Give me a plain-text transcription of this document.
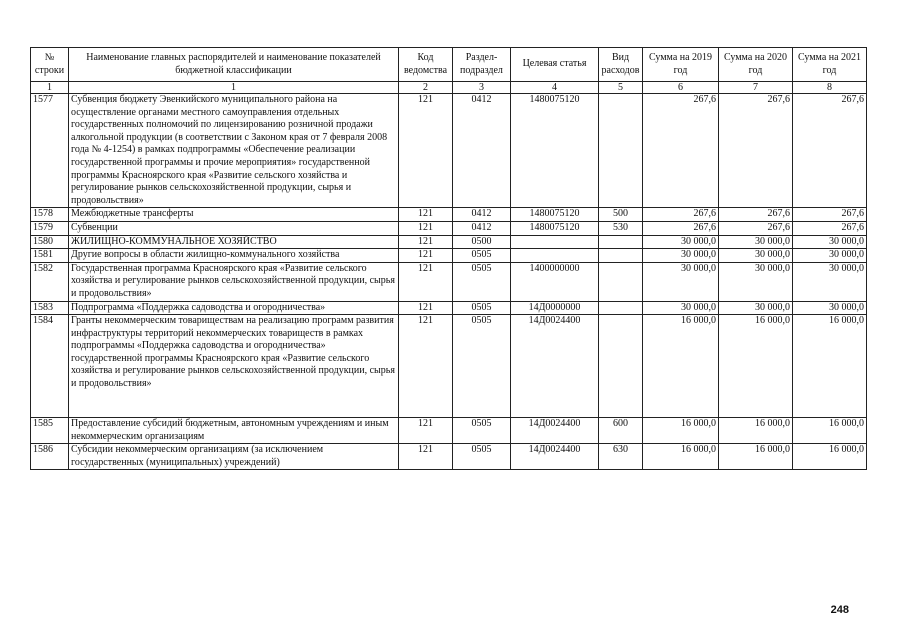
№ строки	Наименование главных распорядителей и наименование показателей бюджетной классификации	Код ведомства	Раздел-подраздел	Целевая статья	Вид расходов	Сумма на 2019 год	Сумма на 2020 год	Сумма на 2021 год
1	1	2	3	4	5	6	7	8
1577	Субвенция бюджету Эвенкийского муниципального района на осуществление органами местного самоуправления отдельных государственных полномочий по лицензированию розничной продажи алкогольной продукции (в соответствии с Законом края от 7 февраля 2008 года № 4-1254) в рамках подпрограммы «Обеспечение реализации государственной программы и прочие мероприятия» государственной программы Красноярского края «Развитие сельского хозяйства и регулирование рынков сельскохозяйственной продукции, сырья и продовольствия»	121	0412	1480075120		267,6	267,6	267,6
1578	Межбюджетные трансферты	121	0412	1480075120	500	267,6	267,6	267,6
1579	Субвенции	121	0412	1480075120	530	267,6	267,6	267,6
1580	ЖИЛИЩНО-КОММУНАЛЬНОЕ ХОЗЯЙСТВО	121	0500			30 000,0	30 000,0	30 000,0
1581	Другие вопросы в области жилищно-коммунального хозяйства	121	0505			30 000,0	30 000,0	30 000,0
1582	Государственная программа Красноярского края «Развитие сельского хозяйства и регулирование рынков сельскохозяйственной продукции, сырья и продовольствия»	121	0505	1400000000		30 000,0	30 000,0	30 000,0
1583	Подпрограмма «Поддержка садоводства и огородничества»	121	0505	14Д0000000		30 000,0	30 000,0	30 000,0
1584	Гранты некоммерческим товариществам на реализацию программ развития инфраструктуры территорий некоммерческих товариществ в рамках подпрограммы «Поддержка садоводства и огородничества» государственной программы Красноярского края «Развитие сельского хозяйства и регулирование рынков сельскохозяйственной продукции, сырья и продовольствия»	121	0505	14Д0024400		16 000,0	16 000,0	16 000,0
1585	Предоставление субсидий бюджетным, автономным учреждениям и иным некоммерческим организациям	121	0505	14Д0024400	600	16 000,0	16 000,0	16 000,0
1586	Субсидии некоммерческим организациям (за исключением государственных (муниципальных) учреждений)	121	0505	14Д0024400	630	16 000,0	16 000,0	16 000,0
248
